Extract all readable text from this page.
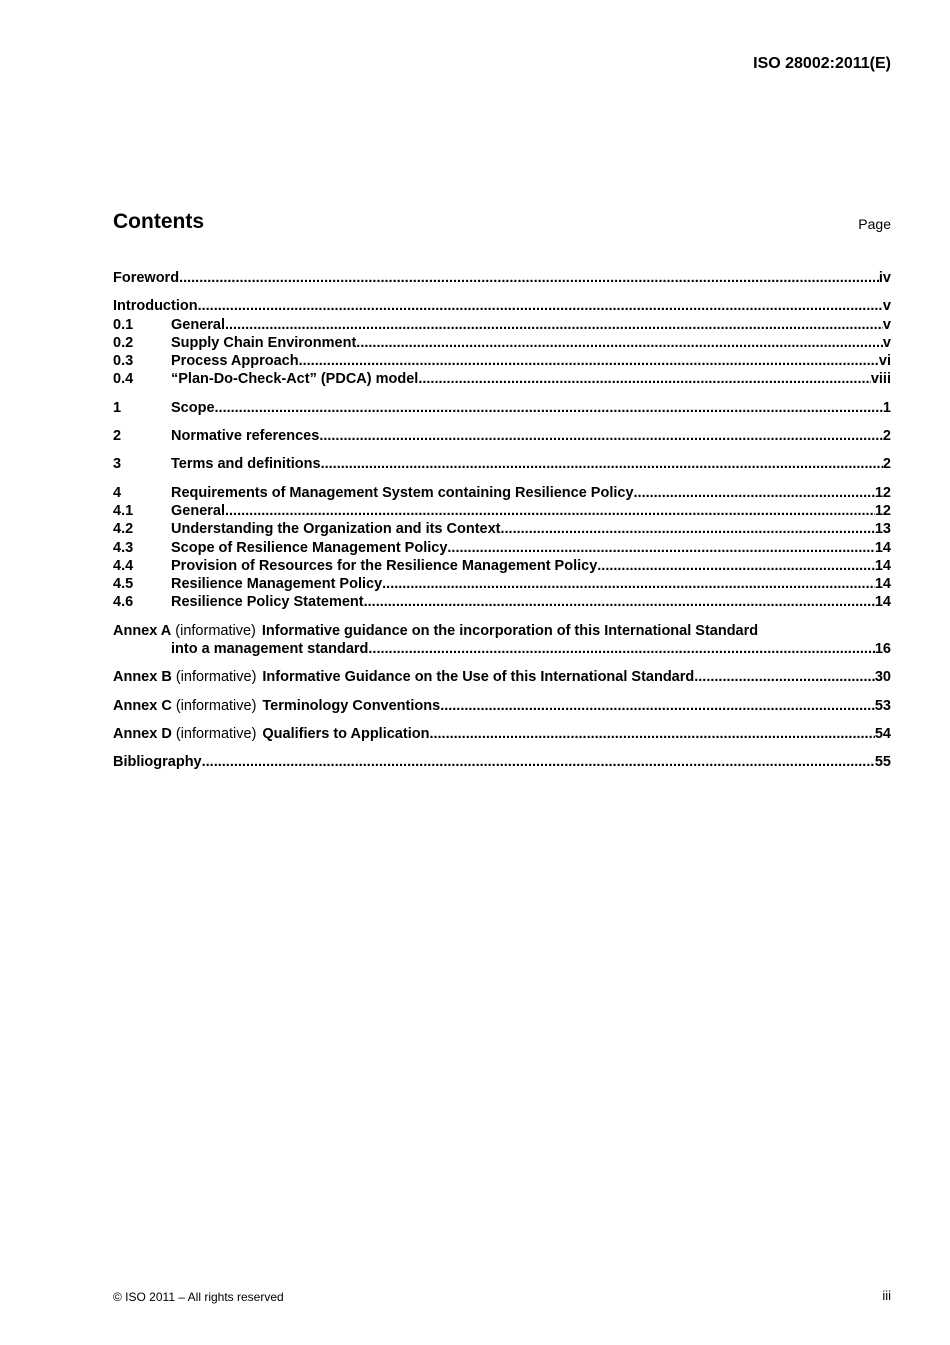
ISO 28002:2011(E)
Contents	Page
Foreword .....	iv
Introduction .....	v
0.1	General .....	v
0.2	Supply Chain Environment .....	v
0.3	Process Approach .....	vi
0.4	“Plan-Do-Check-Act” (PDCA) model .....	viii
1	Scope .....	1
2	Normative references .....	2
3	Terms and definitions .....	2
4	Requirements of Management System containing Resilience Policy .....	12
4.1	General .....	12
4.2	Understanding the Organization and its Context .....	13
4.3	Scope of Resilience Management Policy .....	14
4.4	Provision of Resources for the Resilience Management Policy .....	14
4.5	Resilience Management Policy .....	14
4.6	Resilience Policy Statement .....	14
Annex A (informative) Informative guidance on the incorporation of this International Standard
into a management standard .....	16
Annex B (informative) Informative Guidance on the Use of this International Standard .....	30
Annex C (informative) Terminology Conventions .....	53
Annex D (informative) Qualifiers to Application .....	54
Bibliography .....	55
© ISO 2011 – All rights reserved	iii
